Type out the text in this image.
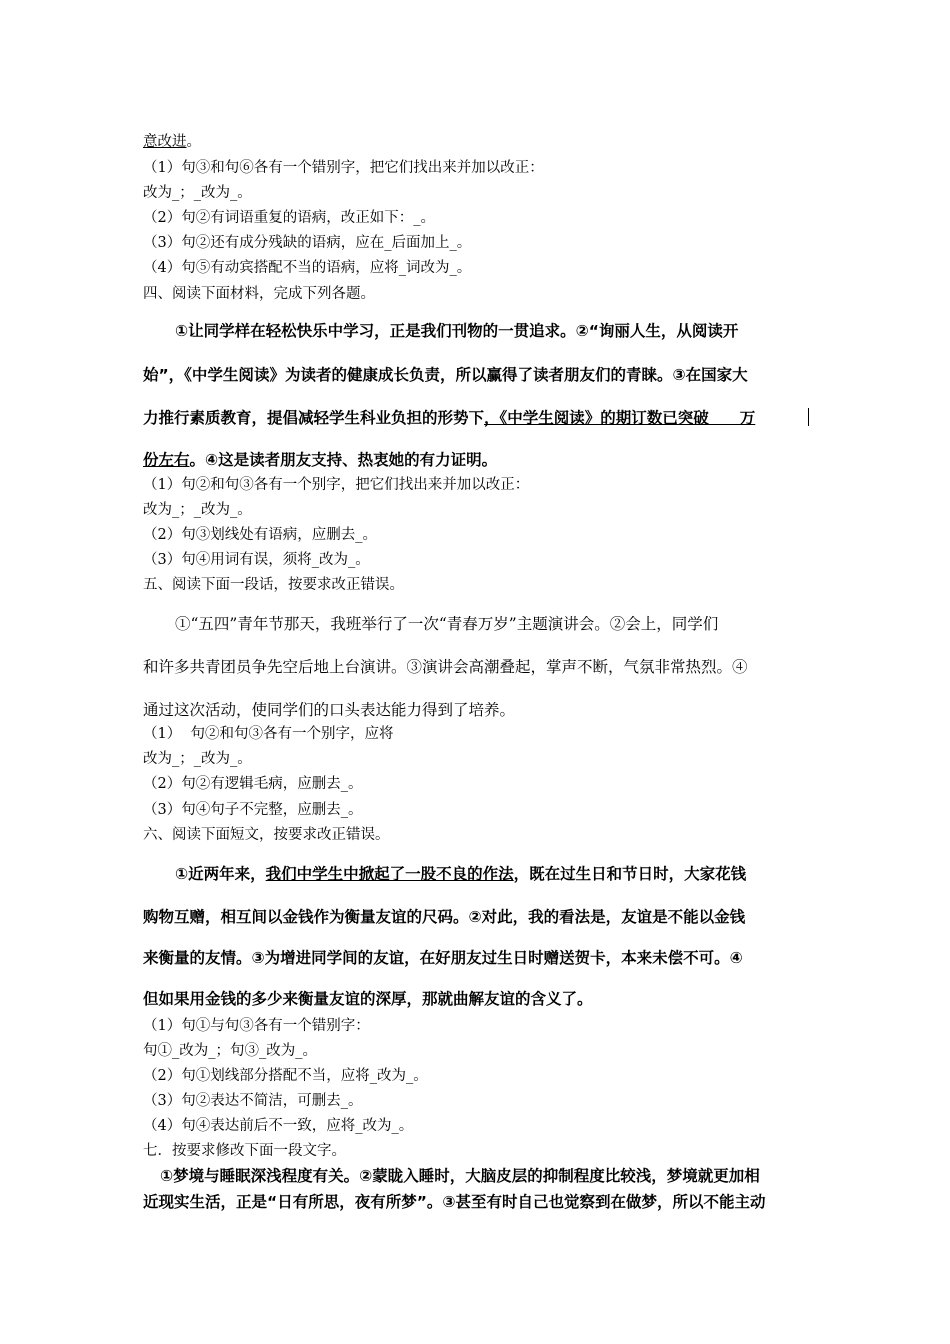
意改进。
（1）句③和句⑥各有一个错别字，把它们找出来并加以改正：
改为_；_改为_。
（2）句②有词语重复的语病，改正如下：_。
（3）句②还有成分残缺的语病，应在_后面加上_。
（4）句⑤有动宾搭配不当的语病，应将_词改为_。
四、阅读下面材料，完成下列各题。
①让同学样在轻松快乐中学习，正是我们刊物的一贯追求。②“询丽人生，从阅读开
始”，《中学生阅读》为读者的健康成长负责，所以赢得了读者朋友们的青睐。③在国家大
力推行素质教育，提倡减轻学生科业负担的形势下，《中学生阅读》的期订数已突破　　万
份左右。④这是读者朋友支持、热衷她的有力证明。
（1）句②和句③各有一个别字，把它们找出来并加以改正：
改为_；_改为_。
（2）句③划线处有语病，应删去_。
（3）句④用词有误，须将_改为_。
五、阅读下面一段话，按要求改正错误。
①“五四”青年节那天，我班举行了一次“青春万岁”主题演讲会。②会上，同学们
和许多共青团员争先空后地上台演讲。③演讲会高潮叠起，掌声不断，气氛非常热烈。④
通过这次活动，使同学们的口头表达能力得到了培养。
（1）  句②和句③各有一个别字，应将
改为_；_改为_。
（2）句②有逻辑毛病，应删去_。
（3）句④句子不完整，应删去_。
六、阅读下面短文，按要求改正错误。
①近两年来，我们中学生中掀起了一股不良的作法，既在过生日和节日时，大家花钱
购物互赠，相互间以金钱作为衡量友谊的尺码。②对此，我的看法是，友谊是不能以金钱
来衡量的友情。③为增进同学间的友谊，在好朋友过生日时赠送贺卡，本来未偿不可。④
但如果用金钱的多少来衡量友谊的深厚，那就曲解友谊的含义了。
（1）句①与句③各有一个错别字：
句①_改为_；句③_改为_。
（2）句①划线部分搭配不当，应将_改为_。
（3）句②表达不简洁，可删去_。
（4）句④表达前后不一致，应将_改为_。
七．按要求修改下面一段文字。
①梦境与睡眠深浅程度有关。②蒙眬入睡时，大脑皮层的抑制程度比较浅，梦境就更加相
近现实生活，正是“日有所思，夜有所梦”。③甚至有时自己也觉察到在做梦，所以不能主动
